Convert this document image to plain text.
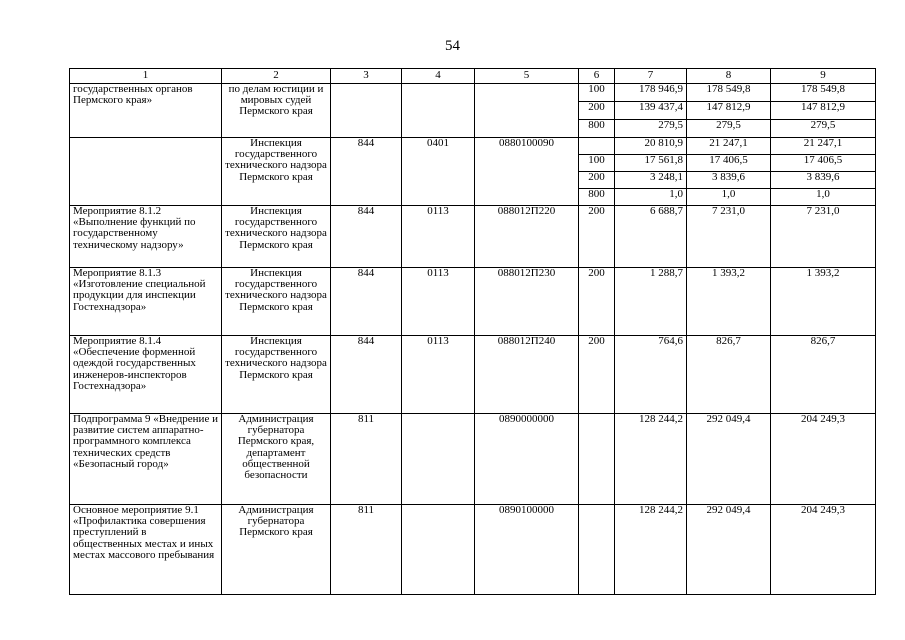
54
1	2	3	4	5	6	7	8	9
государственных органов Пермского края»	по делам юстиции и мировых судей Пермского края				100	178 946,9	178 549,8	178 549,8
					200	139 437,4	147 812,9	147 812,9
					800	279,5	279,5	279,5
	Инспекция государственного технического надзора Пермского края	844	0401	0880100090		20 810,9	21 247,1	21 247,1
					100	17 561,8	17 406,5	17 406,5
					200	3 248,1	3 839,6	3 839,6
					800	1,0	1,0	1,0
Мероприятие 8.1.2 «Выполнение функций по государственному техническому надзору»	Инспекция государственного технического надзора Пермского края	844	0113	088012П220	200	6 688,7	7 231,0	7 231,0
Мероприятие 8.1.3 «Изготовление специальной продукции для инспекции Гостехнадзора»	Инспекция государственного технического надзора Пермского края	844	0113	088012П230	200	1 288,7	1 393,2	1 393,2
Мероприятие 8.1.4 «Обеспечение форменной одеждой государственных инженеров-инспекторов Гостехнадзора»	Инспекция государственного технического надзора Пермского края	844	0113	088012П240	200	764,6	826,7	826,7
Подпрограмма 9 «Внедрение и развитие систем аппаратно-программного комплекса технических средств «Безопасный город»	Администрация губернатора Пермского края, департамент общественной безопасности	811		0890000000		128 244,2	292 049,4	204 249,3
Основное мероприятие 9.1 «Профилактика совершения преступлений в общественных местах и иных местах массового пребывания	Администрация губернатора Пермского края	811		0890100000		128 244,2	292 049,4	204 249,3
